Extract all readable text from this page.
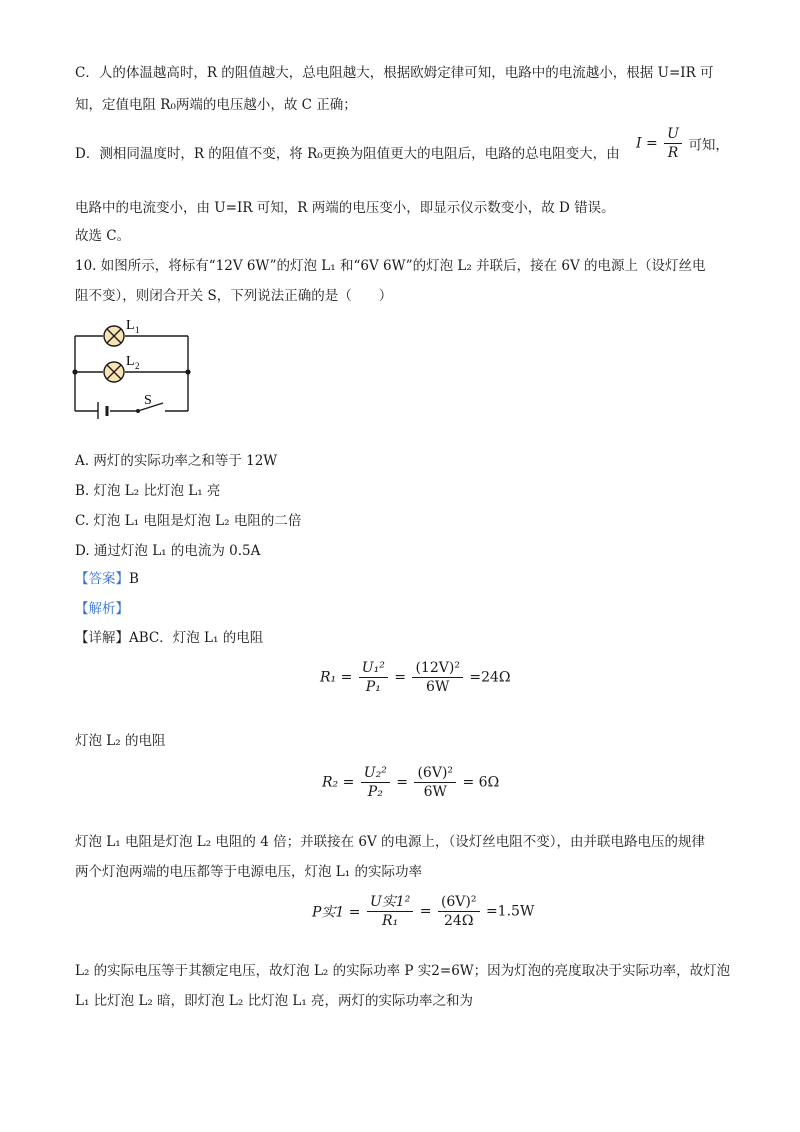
C．人的体温越高时，R 的阻值越大，总电阻越大，根据欧姆定律可知，电路中的电流越小，根据 U=IR 可
知，定值电阻 R₀两端的电压越小，故 C 正确；
D．测相同温度时，R 的阻值不变，将 R₀更换为阻值更大的电阻后，电路的总电阻变大，由
$I = \frac{U}{R}$ 可知，
电路中的电流变小，由 U=IR 可知，R 两端的电压变小，即显示仪示数变小，故 D 错误。
故选 C。
10. 如图所示，将标有“12V 6W”的灯泡 L₁ 和“6V 6W”的灯泡 L₂ 并联后，接在 6V 的电源上（设灯丝电
阻不变），则闭合开关 S，下列说法正确的是（　　）
L 1
L 2
S
A. 两灯的实际功率之和等于 12W
B. 灯泡 L₂ 比灯泡 L₁ 亮
C. 灯泡 L₁ 电阻是灯泡 L₂ 电阻的二倍
D. 通过灯泡 L₁ 的电流为 0.5A
【答案】B
【解析】
【详解】ABC．灯泡 L₁ 的电阻
$R_1 = \frac{\text{U₁²}}{\text{P₁}} = \frac{\text{(12V)²}}{6W} =24\Omega$
灯泡 L₂ 的电阻
$R_2 = \frac{\text{U₂²}}{\text{P₂}} = \frac{\text{(6V)²}}{6W} = 6\Omega$
灯泡 L₁ 电阻是灯泡 L₂ 电阻的 4 倍；并联接在 6V 的电源上，（设灯丝电阻不变），由并联电路电压的规律
两个灯泡两端的电压都等于电源电压，灯泡 L₁ 的实际功率
P实$1 = \frac{\text{U实1²}}{\text{R₁}} = \frac{\text{(6V)²}}{24\Omega} =1.5W$
L₂ 的实际电压等于其额定电压，故灯泡 L₂ 的实际功率 P 实2=6W；因为灯泡的亮度取决于实际功率，故灯泡
L₁ 比灯泡 L₂ 暗，即灯泡 L₂ 比灯泡 L₁ 亮，两灯的实际功率之和为
